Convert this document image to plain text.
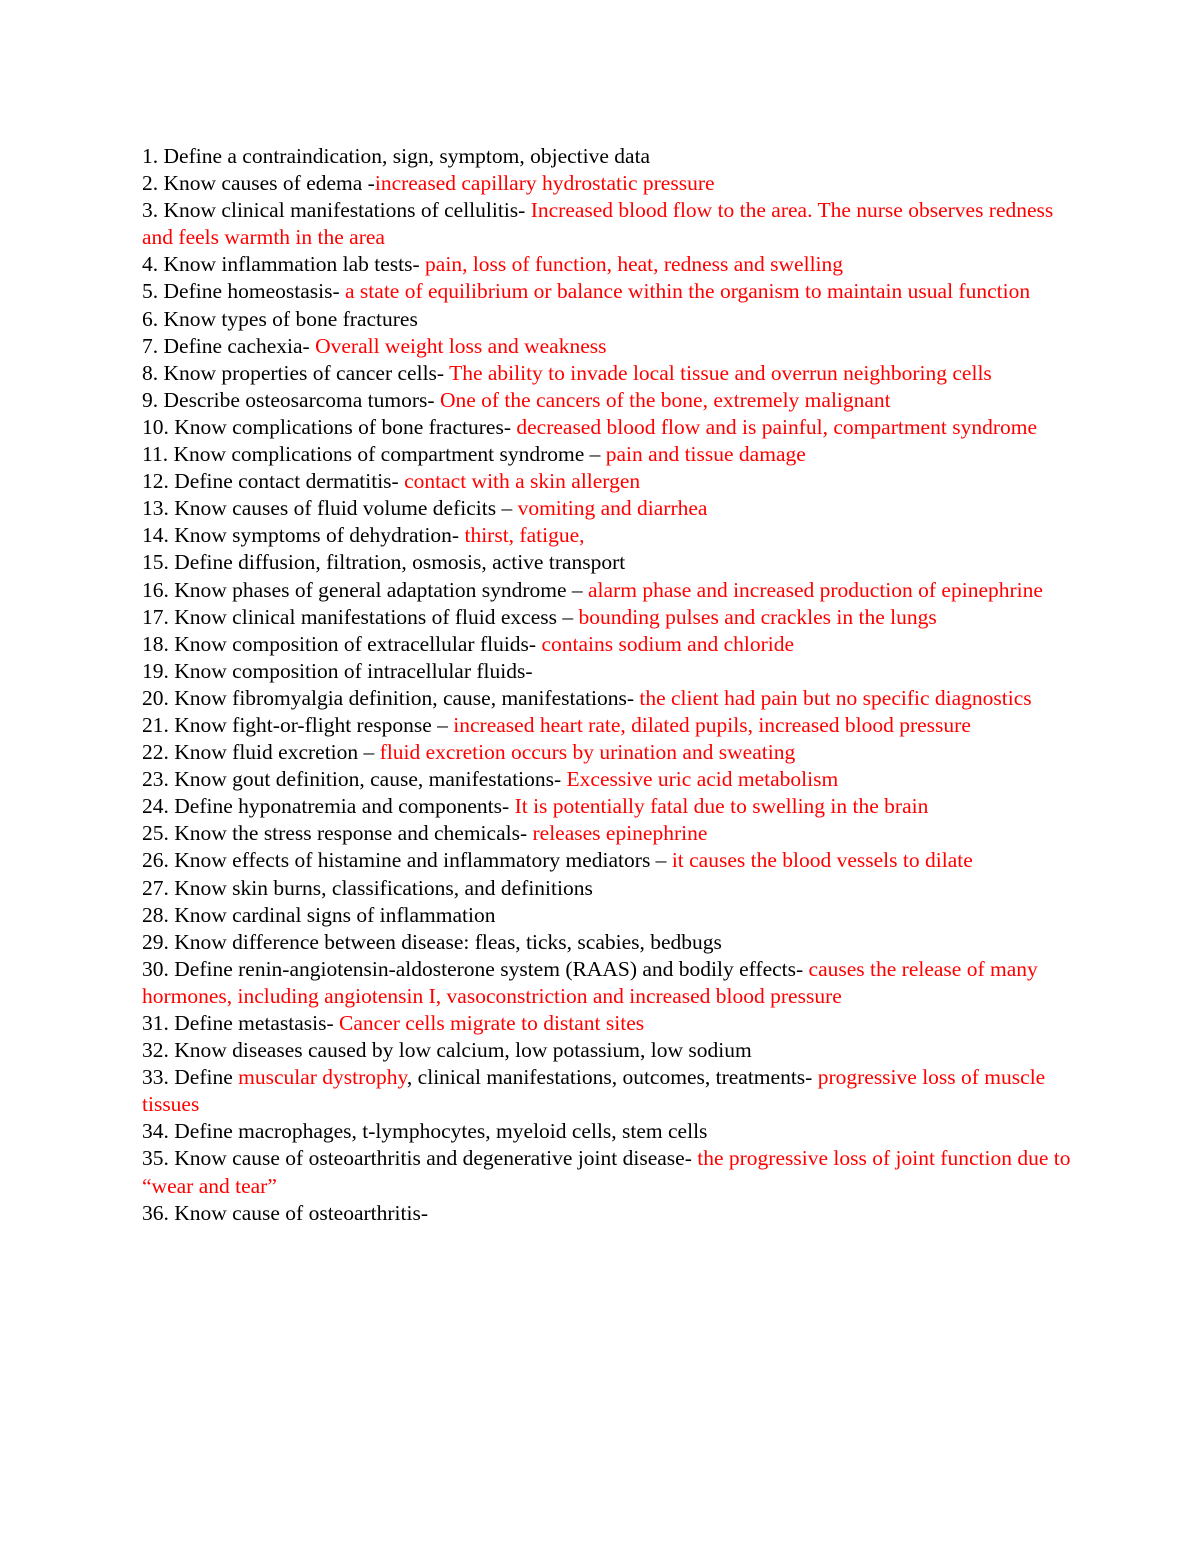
1. Define a contraindication, sign, symptom, objective data

2. Know causes of edema -increased capillary hydrostatic pressure

3. Know clinical manifestations of cellulitis- Increased blood flow to the area. The nurse observes redness and feels warmth in the area

4. Know inflammation lab tests- pain, loss of function, heat, redness and swelling

5. Define homeostasis- a state of equilibrium or balance within the organism to maintain usual function

6. Know types of bone fractures

7. Define cachexia- Overall weight loss and weakness

8. Know properties of cancer cells- The ability to invade local tissue and overrun neighboring cells

9. Describe osteosarcoma tumors- One of the cancers of the bone, extremely malignant

10. Know complications of bone fractures- decreased blood flow and is painful, compartment syndrome

11. Know complications of compartment syndrome – pain and tissue damage

12. Define contact dermatitis- contact with a skin allergen

13. Know causes of fluid volume deficits – vomiting and diarrhea

14. Know symptoms of dehydration- thirst, fatigue,

15. Define diffusion, filtration, osmosis, active transport

16. Know phases of general adaptation syndrome – alarm phase and increased production of epinephrine

17. Know clinical manifestations of fluid excess – bounding pulses and crackles in the lungs

18. Know composition of extracellular fluids- contains sodium and chloride

19. Know composition of intracellular fluids-

20. Know fibromyalgia definition, cause, manifestations- the client had pain but no specific diagnostics

21. Know fight-or-flight response – increased heart rate, dilated pupils, increased blood pressure

22. Know fluid excretion – fluid excretion occurs by urination and sweating

23. Know gout definition, cause, manifestations- Excessive uric acid metabolism

24. Define hyponatremia and components- It is potentially fatal due to swelling in the brain

25. Know the stress response and chemicals- releases epinephrine

26. Know effects of histamine and inflammatory mediators – it causes the blood vessels to dilate

27. Know skin burns, classifications, and definitions

28. Know cardinal signs of inflammation

29. Know difference between disease: fleas, ticks, scabies, bedbugs

30. Define renin-angiotensin-aldosterone system (RAAS) and bodily effects- causes the release of many hormones, including angiotensin I, vasoconstriction and increased blood pressure

31. Define metastasis- Cancer cells migrate to distant sites

32. Know diseases caused by low calcium, low potassium, low sodium

33. Define muscular dystrophy, clinical manifestations, outcomes, treatments- progressive loss of muscle tissues

34. Define macrophages, t-lymphocytes, myeloid cells, stem cells

35. Know cause of osteoarthritis and degenerative joint disease- the progressive loss of joint function due to “wear and tear”

36. Know cause of osteoarthritis-
